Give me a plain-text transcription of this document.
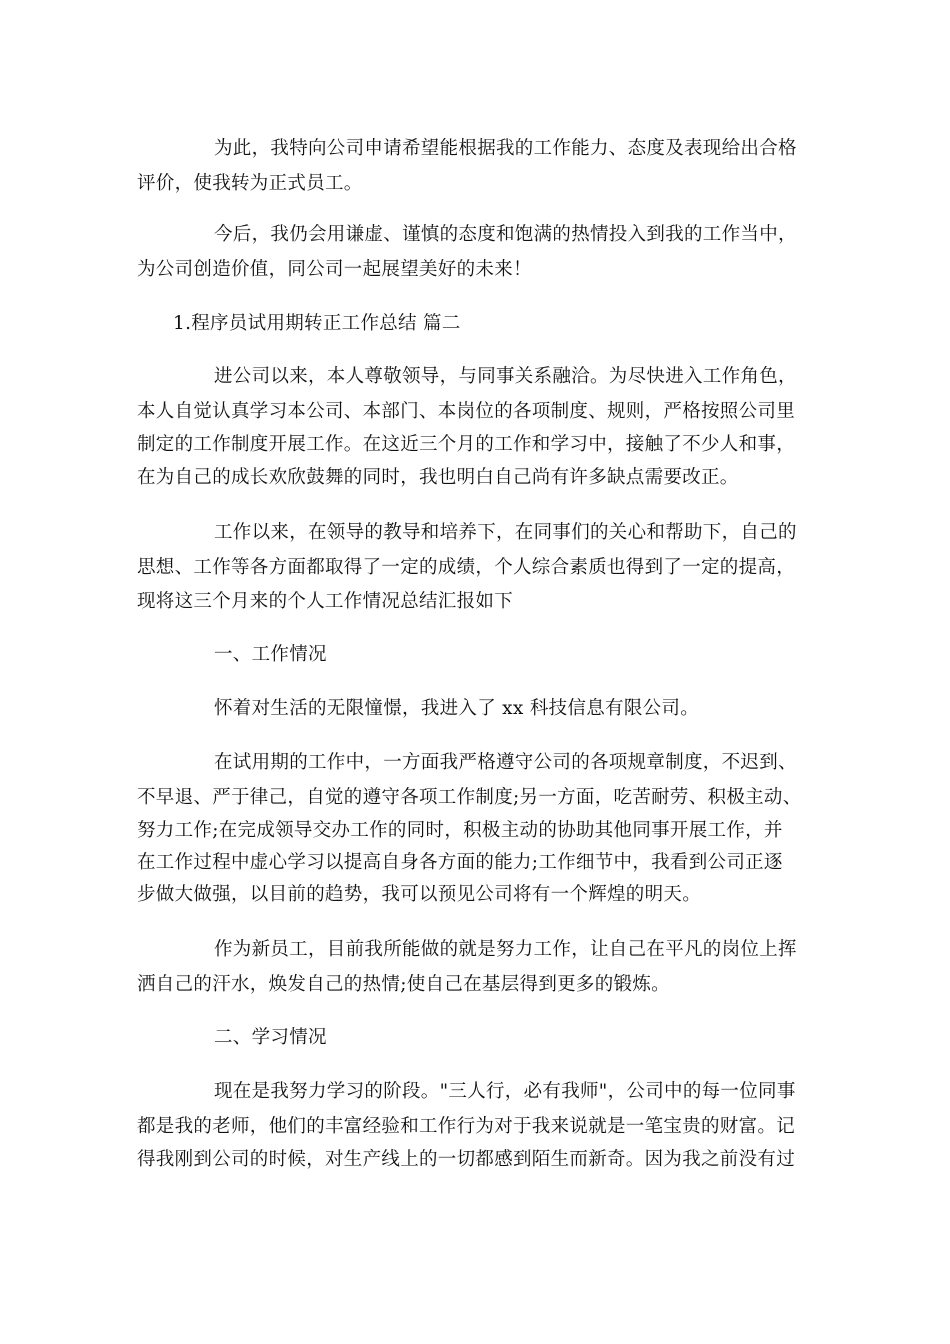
为此，我特向公司申请希望能根据我的工作能力、态度及表现给出合格
评价，使我转为正式员工。
今后，我仍会用谦虚、谨慎的态度和饱满的热情投入到我的工作当中，
为公司创造价值，同公司一起展望美好的未来！
1.程序员试用期转正工作总结 篇二
进公司以来，本人尊敬领导，与同事关系融洽。为尽快进入工作角色，
本人自觉认真学习本公司、本部门、本岗位的各项制度、规则，严格按照公司里
制定的工作制度开展工作。在这近三个月的工作和学习中，接触了不少人和事，
在为自己的成长欢欣鼓舞的同时，我也明白自己尚有许多缺点需要改正。
工作以来，在领导的教导和培养下，在同事们的关心和帮助下，自己的
思想、工作等各方面都取得了一定的成绩，个人综合素质也得到了一定的提高，
现将这三个月来的个人工作情况总结汇报如下
一、工作情况
怀着对生活的无限憧憬，我进入了 xx 科技信息有限公司。
在试用期的工作中，一方面我严格遵守公司的各项规章制度，不迟到、
不早退、严于律己，自觉的遵守各项工作制度;另一方面，吃苦耐劳、积极主动、
努力工作;在完成领导交办工作的同时，积极主动的协助其他同事开展工作，并
在工作过程中虚心学习以提高自身各方面的能力;工作细节中，我看到公司正逐
步做大做强，以目前的趋势，我可以预见公司将有一个辉煌的明天。
作为新员工，目前我所能做的就是努力工作，让自己在平凡的岗位上挥
洒自己的汗水，焕发自己的热情;使自己在基层得到更多的锻炼。
二、学习情况
现在是我努力学习的阶段。"三人行，必有我师"，公司中的每一位同事
都是我的老师，他们的丰富经验和工作行为对于我来说就是一笔宝贵的财富。记
得我刚到公司的时候，对生产线上的一切都感到陌生而新奇。因为我之前没有过
